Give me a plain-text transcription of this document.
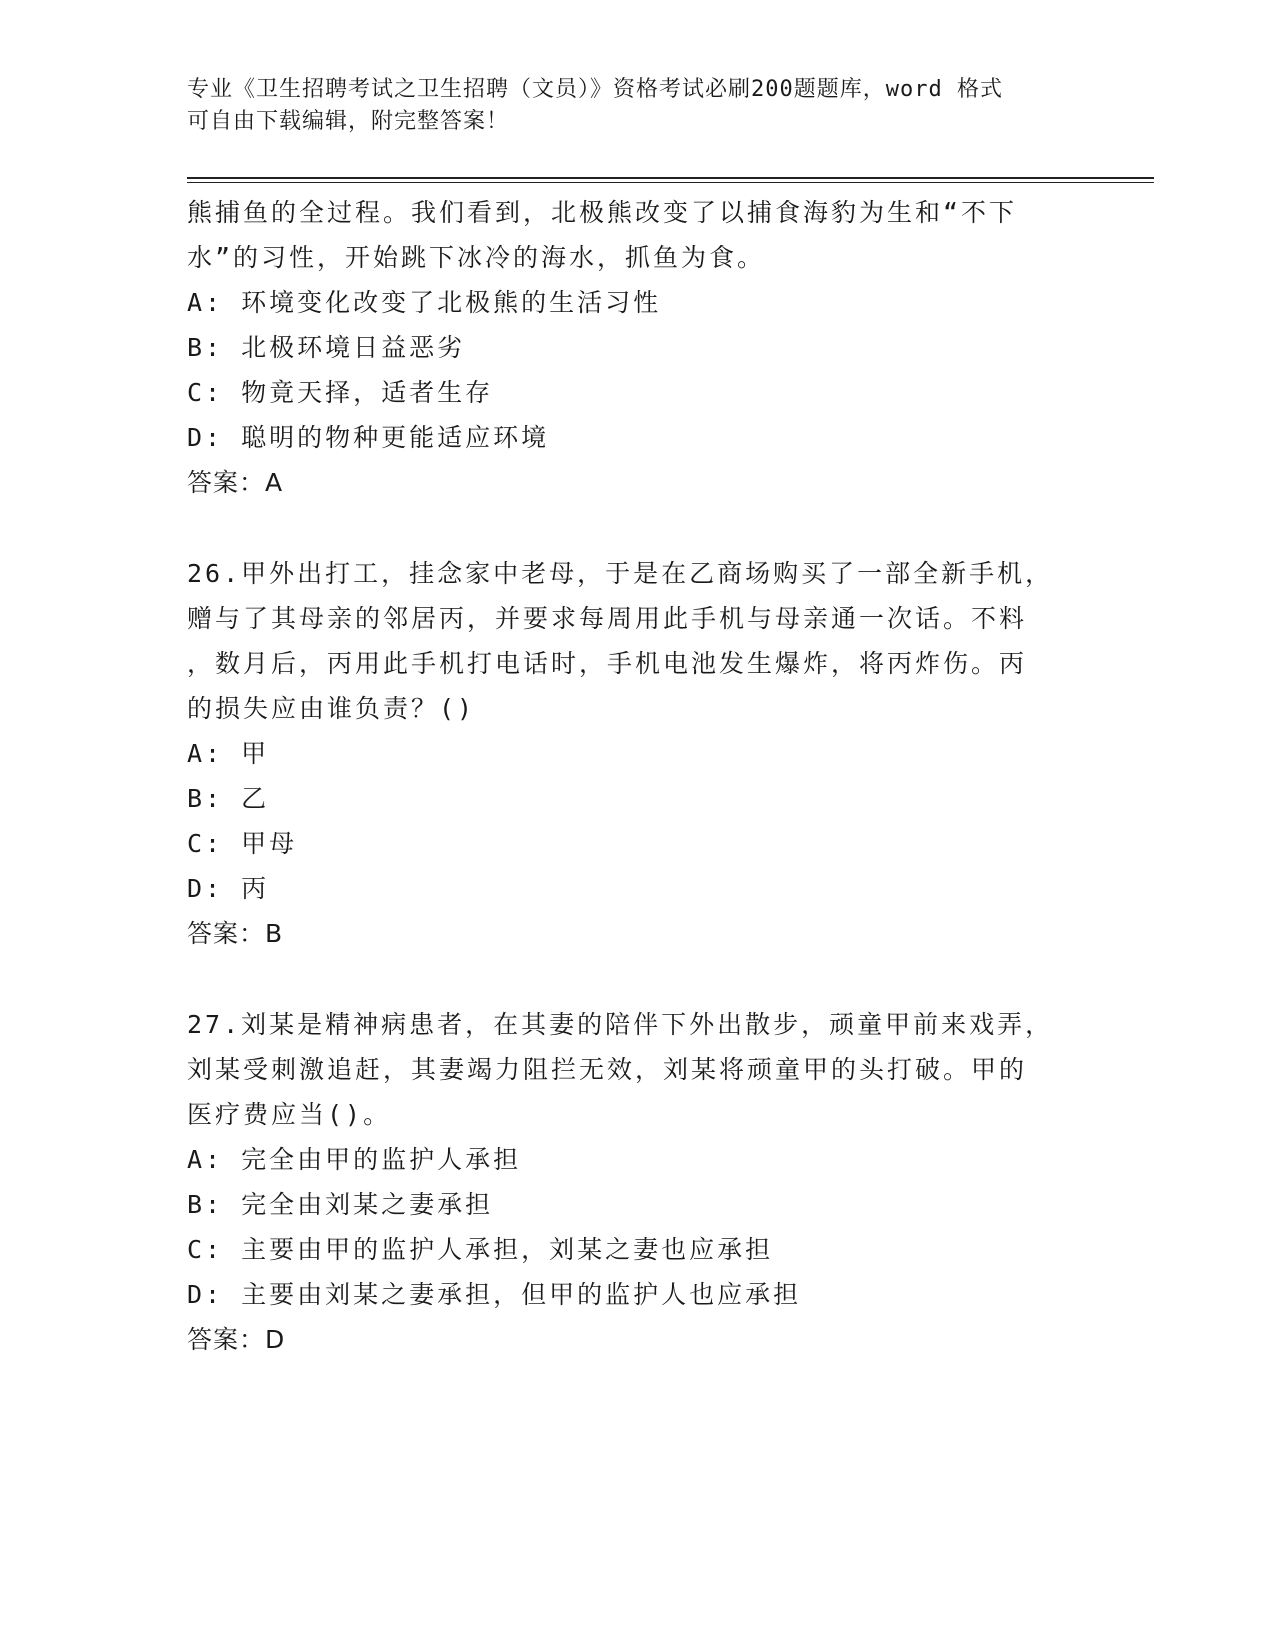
专业《卫生招聘考试之卫生招聘（文员）》资格考试必刷200题题库，word 格式
可自由下载编辑，附完整答案！
熊捕鱼的全过程。我们看到，北极熊改变了以捕食海豹为生和“不下
水”的习性，开始跳下冰冷的海水，抓鱼为食。
A: 环境变化改变了北极熊的生活习性
B: 北极环境日益恶劣
C: 物竟天择，适者生存
D: 聪明的物种更能适应环境
答案：A
26.甲外出打工，挂念家中老母，于是在乙商场购买了一部全新手机，
赠与了其母亲的邻居丙，并要求每周用此手机与母亲通一次话。不料
，数月后，丙用此手机打电话时，手机电池发生爆炸，将丙炸伤。丙
的损失应由谁负责？()
A: 甲
B: 乙
C: 甲母
D: 丙
答案：B
27.刘某是精神病患者，在其妻的陪伴下外出散步，顽童甲前来戏弄，
刘某受刺激追赶，其妻竭力阻拦无效，刘某将顽童甲的头打破。甲的
医疗费应当()。
A: 完全由甲的监护人承担
B: 完全由刘某之妻承担
C: 主要由甲的监护人承担，刘某之妻也应承担
D: 主要由刘某之妻承担，但甲的监护人也应承担
答案：D
